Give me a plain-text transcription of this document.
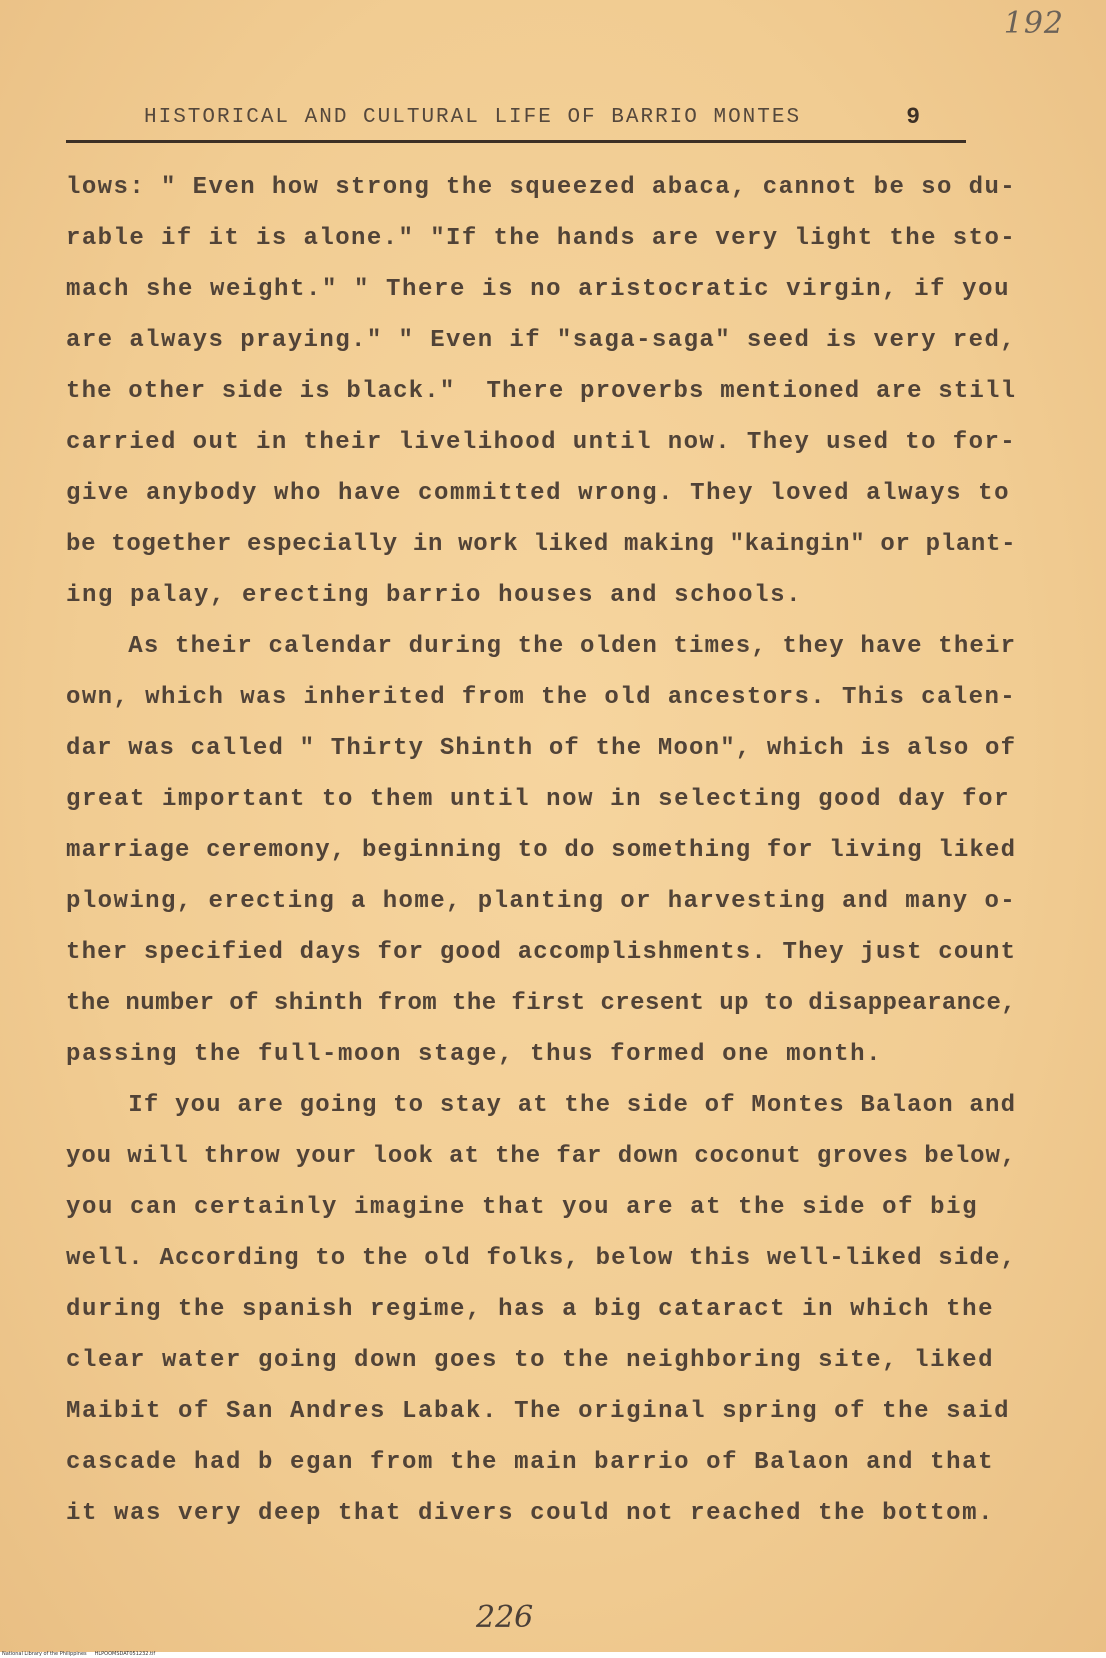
192
HISTORICAL AND CULTURAL LIFE OF BARRIO MONTES	9
lows: " Even how strong the squeezed abaca, cannot be so du-
rable if it is alone." "If the hands are very light the sto-
mach she weight." " There is no aristocratic virgin, if you
are always praying." " Even if "saga-saga" seed is very red,
the other side is black."  There proverbs mentioned are still
carried out in their livelihood until now. They used to for-
give anybody who have committed wrong. They loved always to
be together especially in work liked making "kaingin" or plant-
ing palay, erecting barrio houses and schools.
As their calendar during the olden times, they have their
own, which was inherited from the old ancestors. This calen-
dar was called " Thirty Shinth of the Moon", which is also of
great important to them until now in selecting good day for
marriage ceremony, beginning to do something for living liked
plowing, erecting a home, planting or harvesting and many o-
ther specified days for good accomplishments. They just count
the number of shinth from the first cresent up to disappearance,
passing the full-moon stage, thus formed one month.
If you are going to stay at the side of Montes Balaon and
you will throw your look at the far down coconut groves below,
you can certainly imagine that you are at the side of big
well. According to the old folks, below this well-liked side,
during the spanish regime, has a big cataract in which the
clear water going down goes to the neighboring site, liked
Maibit of San Andres Labak. The original spring of the said
cascade had b egan from the main barrio of Balaon and that
it was very deep that divers could not reached the bottom.
226
National Library of the Philippines     HLPOOMSDAT051232.tif
